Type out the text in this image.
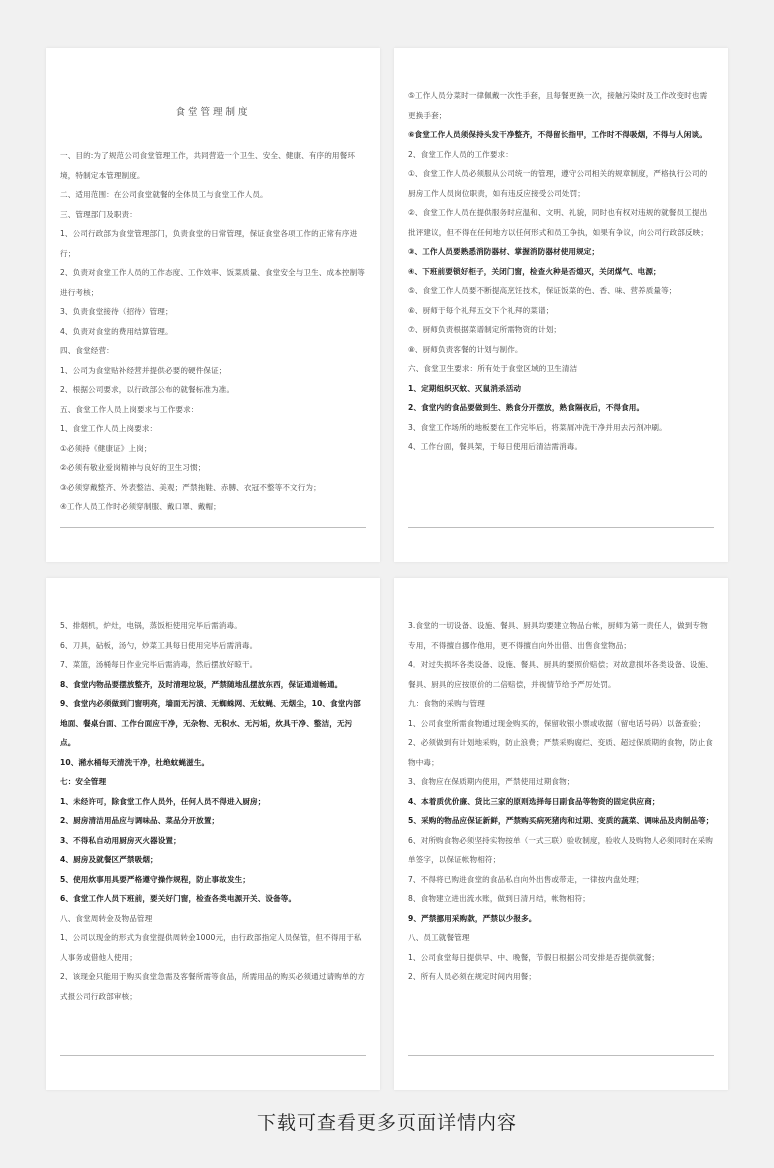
食堂管理制度
一、目的:为了规范公司食堂管理工作，共同营造一个卫生、安全、健康、有序的用餐环境，特制定本管理制度。
二、适用范围：在公司食堂就餐的全体员工与食堂工作人员。
三、管理部门及职责：
1、公司行政部为食堂管理部门，负责食堂的日常管理，保证食堂各项工作的正常有序进行；
2、负责对食堂工作人员的工作态度、工作效率、饭菜质量、食堂安全与卫生、成本控制等进行考核；
3、负责食堂接待（招待）管理；
4、负责对食堂的费用结算管理。
四、食堂经营：
1、公司为食堂贴补经营并提供必要的硬件保证；
2、根据公司要求，以行政部公布的就餐标准为准。
五、食堂工作人员上岗要求与工作要求：
1、食堂工作人员上岗要求：
①必须持《健康证》上岗；
②必须有敬业爱岗精神与良好的卫生习惯；
③必须穿戴整齐、外表整洁、美观；严禁拖鞋、赤膊、衣冠不整等不文行为；
④工作人员工作时必须穿制服、戴口罩、戴帽；
⑤工作人员分菜时一律佩戴一次性手套，且每餐更换一次，接触污染时及工作改变时也需更换手套；
⑥食堂工作人员须保持头发干净整齐，不得留长指甲，工作时不得吸烟，不得与人闲谈。
2、食堂工作人员的工作要求：
①、食堂工作人员必须服从公司统一的管理，遵守公司相关的规章制度，严格执行公司的厨房工作人员岗位职责，如有违反应接受公司处罚；
②、食堂工作人员在提供服务时应温和、文明、礼貌，同时也有权对违规的就餐员工提出批评建议，但不得在任何地方以任何形式和员工争执，如果有争议，向公司行政部反映；
③、工作人员要熟悉消防器材、掌握消防器材使用规定；
④、下班前要锁好柜子，关闭门窗，检查火种是否熄灭，关闭煤气、电源；
⑤、食堂工作人员要不断提高烹饪技术，保证饭菜的色、香、味、营养质量等；
⑥、厨师于每个礼拜五交下个礼拜的菜谱；
⑦、厨师负责根据菜谱制定所需物资的计划；
⑧、厨师负责客餐的计划与制作。
六、食堂卫生要求：所有处于食堂区域的卫生清洁
1、定期组织灭蚊、灭鼠消杀活动
2、食堂内的食品要做到生、熟食分开摆放，熟食隔夜后，不得食用。
3、食堂工作场所的地板要在工作完毕后，将菜屑冲洗干净并用去污剂冲刷。
4、工作台面，餐具架，于每日使用后清洁需消毒。
5、排烟机，炉灶，电锅，蒸饭柜使用完毕后需消毒。
6、刀具，砧板，汤勺，炒菜工具每日使用完毕后需消毒。
7、菜篮，汤桶每日作业完毕后需消毒，然后摆放好晾干。
8、食堂内物品要摆放整齐，及时清理垃圾，严禁随地乱摆放东西，保证通道畅通。
9、食堂内必须做到门窗明亮，墙面无污渍、无蜘蛛网、无蚊蝇、无烟尘，10、食堂内部地面、餐桌台面、工作台面应干净，无杂物、无积水、无污垢，炊具干净、整洁，无污点。
10、潲水桶每天清洗干净，杜绝蚊蝇滋生。
七：安全管理
1、未经许可，除食堂工作人员外，任何人员不得进入厨房；
2、厨房清洁用品应与调味品、菜品分开放置；
3、不得私自动用厨房灭火器设置；
4、厨房及就餐区严禁吸烟；
5、使用炊事用具要严格遵守操作规程，防止事故发生；
6、食堂工作人员下班前，要关好门窗，检查各类电源开关、设备等。
八、食堂周转金及物品管理
1、公司以现金的形式为食堂提供周转金1000元，由行政部指定人员保管，但不得用于私人事务或借他人使用；
2、该现金只能用于购买食堂急需及客餐所需等食品，所需用品的购买必须通过请购单的方式报公司行政部审核；
3.食堂的一切设备、设施、餐具、厨具均要建立物品台帐，厨师为第一责任人，做到专物专用，不得擅自挪作他用，更不得擅自向外出借、出售食堂物品；
4．对过失损坏各类设备、设施、餐具、厨具的要照价赔偿；对故意损坏各类设备、设施、餐具、厨具的应按原价的二倍赔偿，并视情节给予严厉处罚。
九：食物的采购与管理
1、公司食堂所需食物通过现金购买的，保留收银小票或收据（留电话号码）以备查验；
2、必须做到有计划地采购，防止浪费；严禁采购腐烂、变质、超过保质期的食物，防止食物中毒；
3、食物应在保质期内使用，严禁使用过期食物；
4、本着质优价廉、货比三家的原则选择每日副食品等物资的固定供应商；
5、采购的物品应保证新鲜，严禁购买病死猪肉和过期、变质的蔬菜、调味品及肉制品等；
6、对所购食物必须坚持实物按单（一式三联）验收制度，验收人及购物人必须同时在采购单签字，以保证帐物相符；
7、不得将已购进食堂的食品私自向外出售或带走，一律按内盘处理；
8、食物建立进出流水账，做到日清月结，帐物相符；
9、严禁挪用采购款，严禁以少报多。
八、员工就餐管理
1、公司食堂每日提供早、中、晚餐，节假日根据公司安排是否提供就餐；
2、所有人员必须在规定时间内用餐；
下载可查看更多页面详情内容
